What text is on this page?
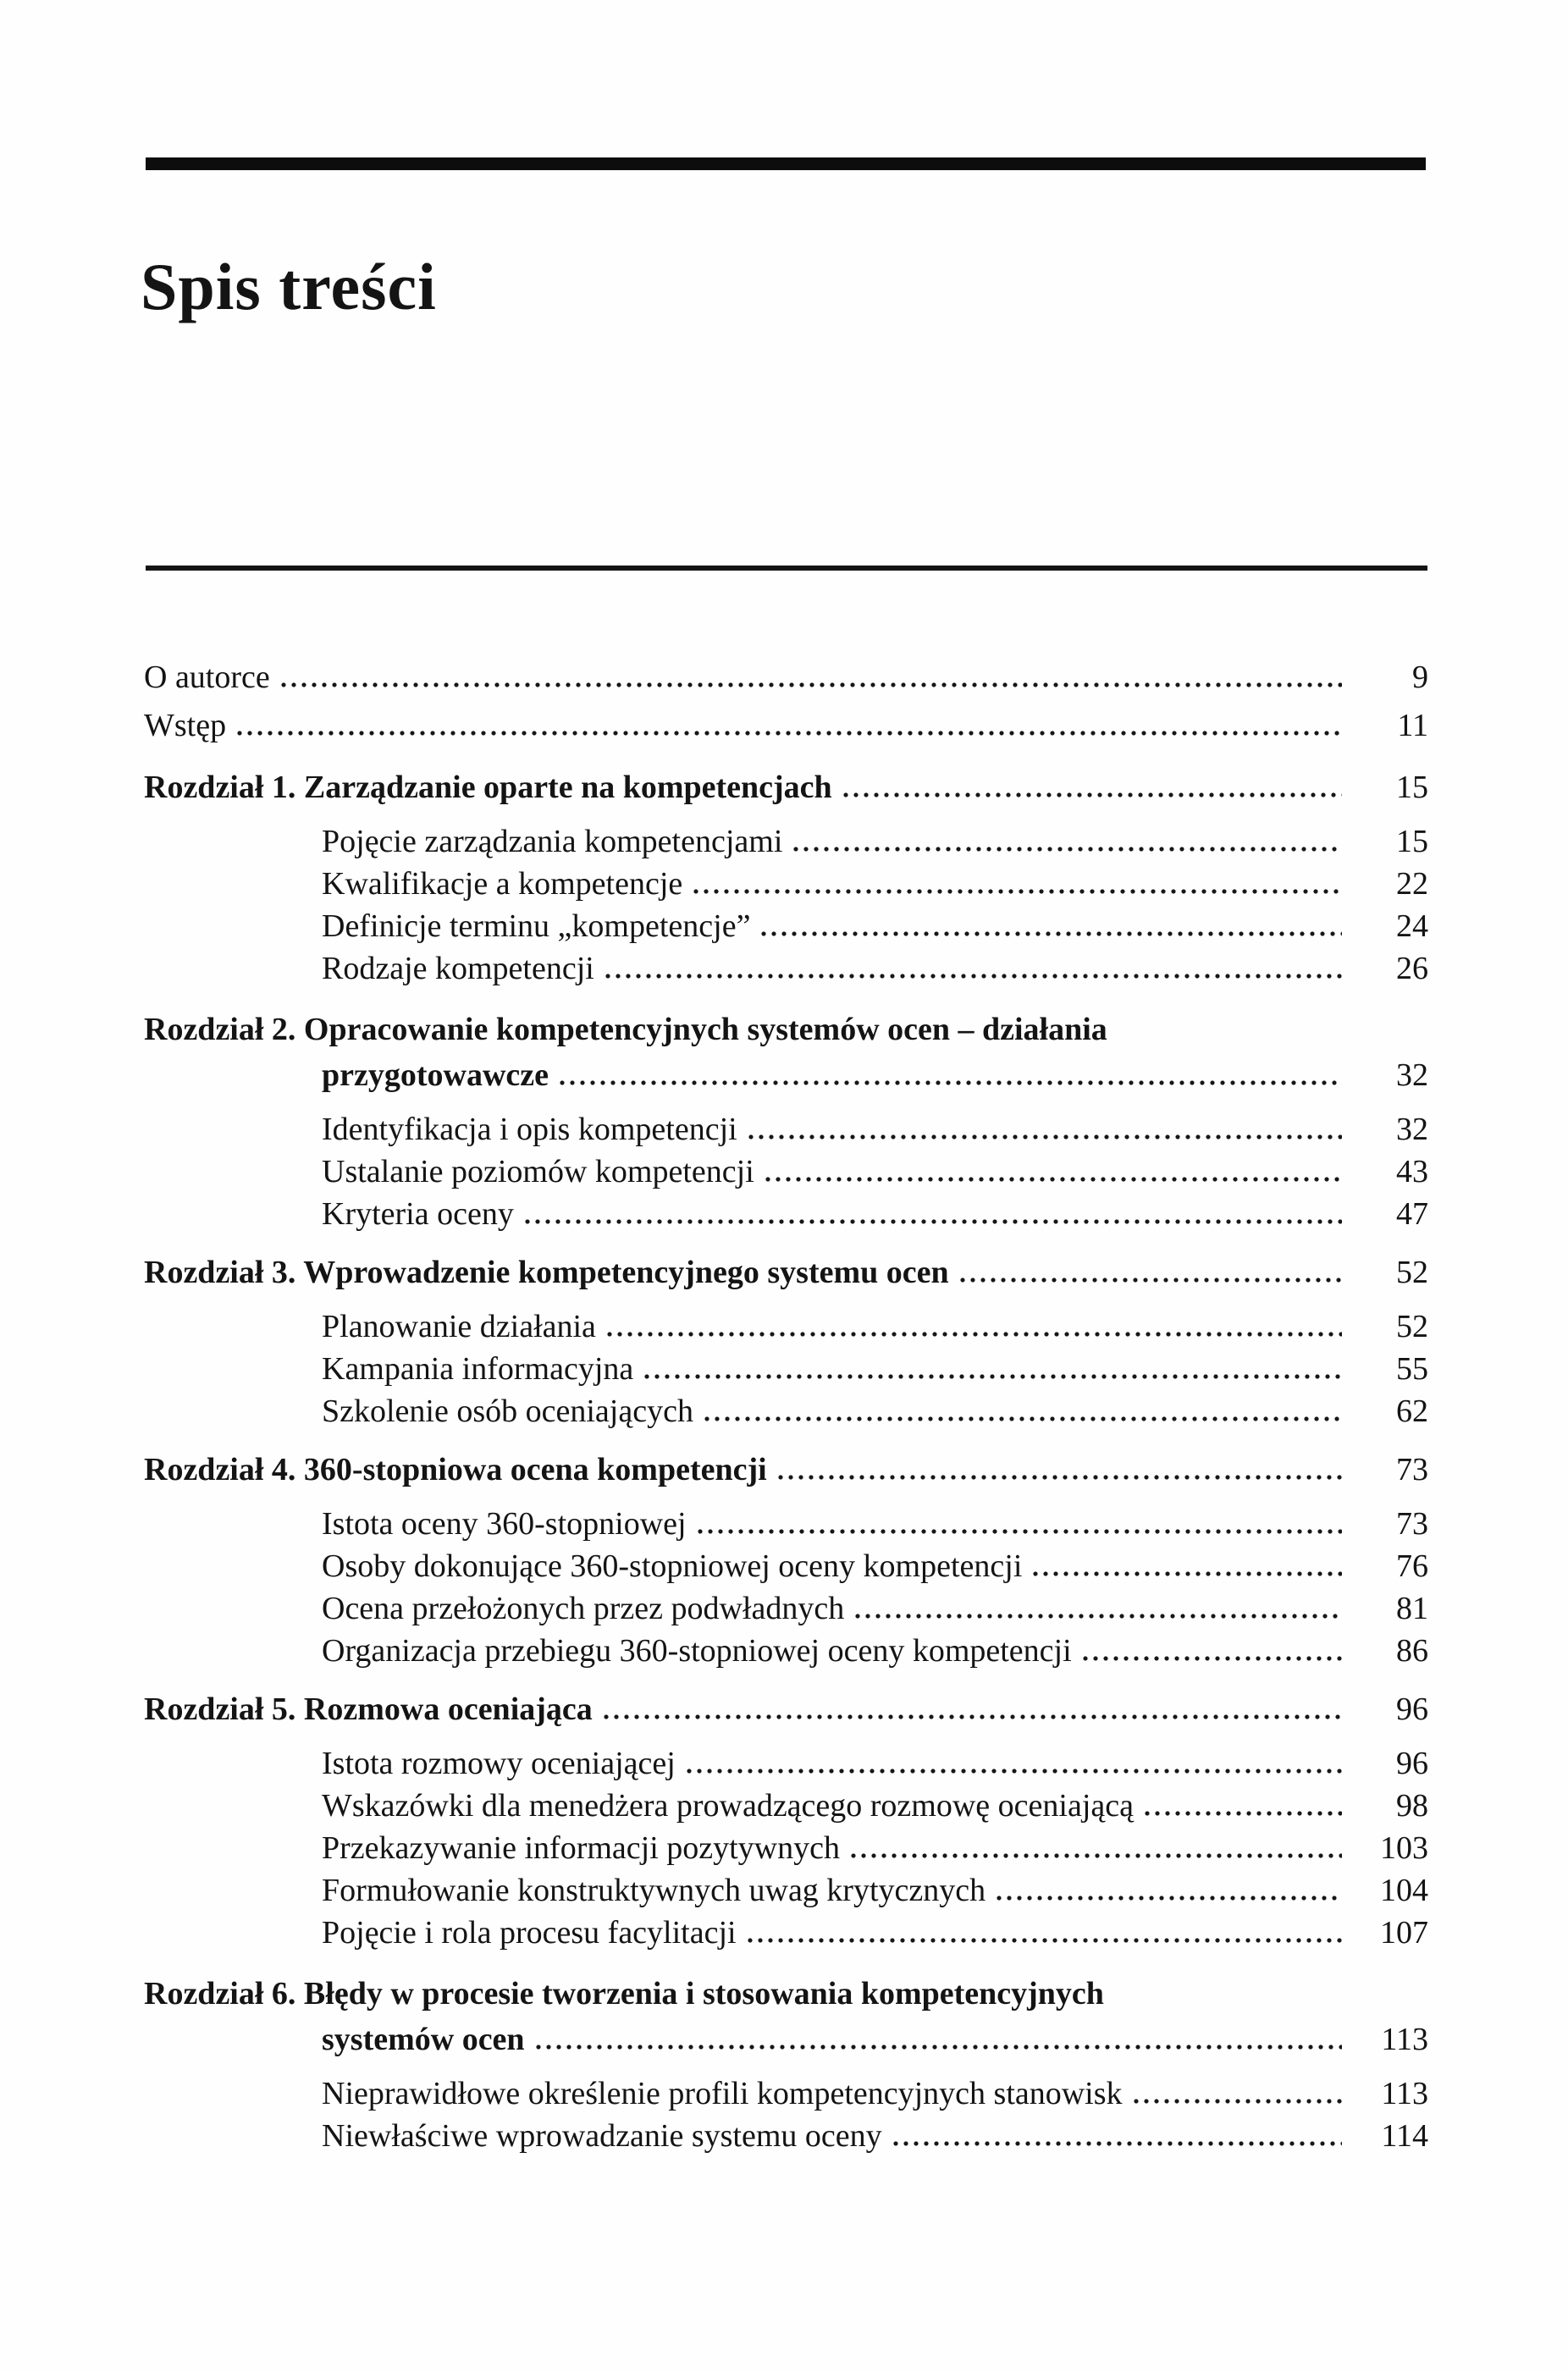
Spis treści
O autorce	9
Wstęp	11
Rozdział 1. Zarządzanie oparte na kompetencjach	15
Pojęcie zarządzania kompetencjami	15
Kwalifikacje a kompetencje	22
Definicje terminu „kompetencje”	24
Rodzaje kompetencji	26
Rozdział 2. Opracowanie kompetencyjnych systemów ocen – działania
przygotowawcze	32
Identyfikacja i opis kompetencji	32
Ustalanie poziomów kompetencji	43
Kryteria oceny	47
Rozdział 3. Wprowadzenie kompetencyjnego systemu ocen	52
Planowanie działania	52
Kampania informacyjna	55
Szkolenie osób oceniających	62
Rozdział 4. 360-stopniowa ocena kompetencji	73
Istota oceny 360-stopniowej	73
Osoby dokonujące 360-stopniowej oceny kompetencji	76
Ocena przełożonych przez podwładnych	81
Organizacja przebiegu 360-stopniowej oceny kompetencji	86
Rozdział 5. Rozmowa oceniająca	96
Istota rozmowy oceniającej	96
Wskazówki dla menedżera prowadzącego rozmowę oceniającą	98
Przekazywanie informacji pozytywnych	103
Formułowanie konstruktywnych uwag krytycznych	104
Pojęcie i rola procesu facylitacji	107
Rozdział 6. Błędy w procesie tworzenia i stosowania kompetencyjnych
systemów ocen	113
Nieprawidłowe określenie profili kompetencyjnych stanowisk	113
Niewłaściwe wprowadzanie systemu oceny	114
